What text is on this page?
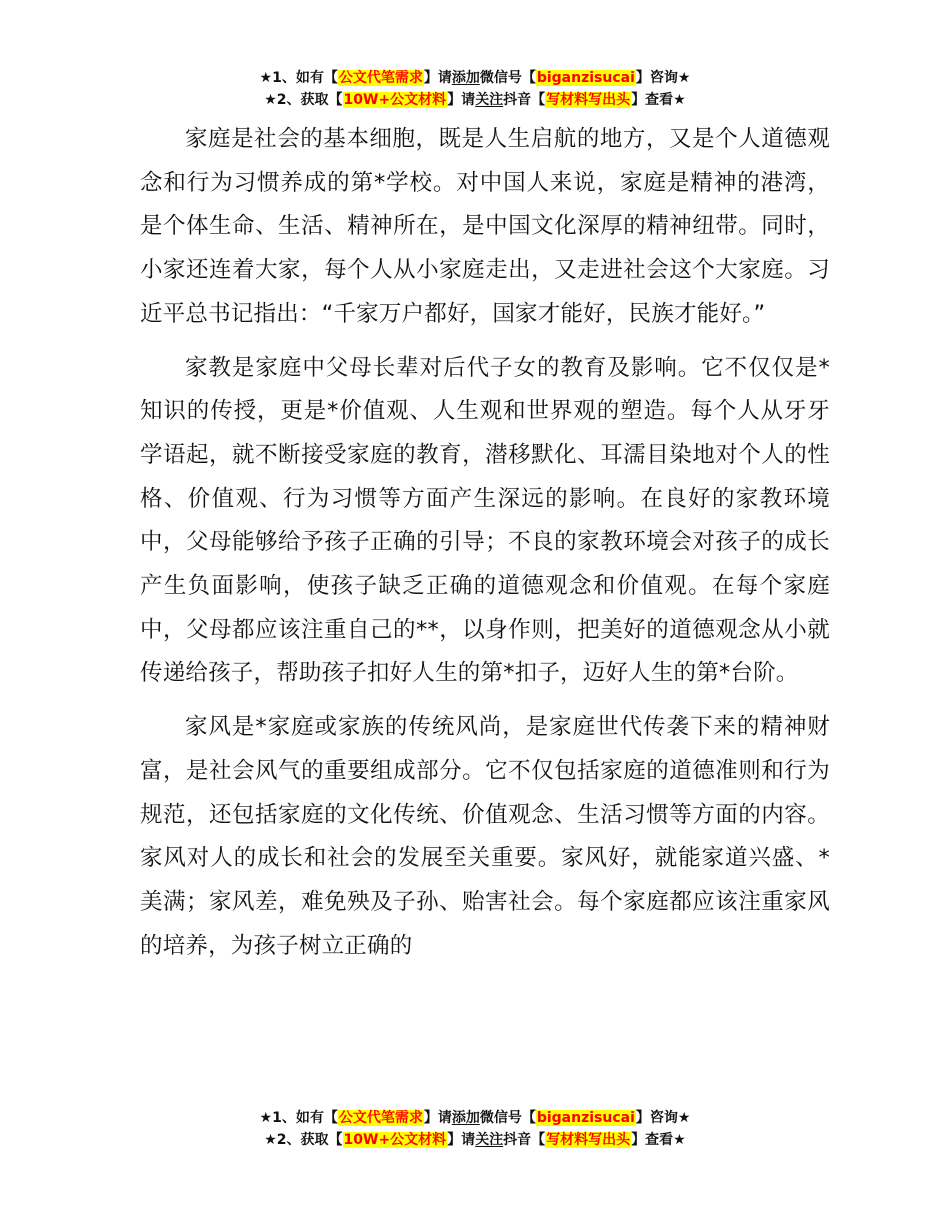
★1、如有【公文代笔需求】请添加微信号【biganzisucai】咨询★
★2、获取【10W+公文材料】请关注抖音【写材料写出头】查看★

家庭是社会的基本细胞，既是人生启航的地方，又是个人道德观念和行为习惯养成的第*学校。对中国人来说，家庭是精神的港湾，是个体生命、生活、精神所在，是中国文化深厚的精神纽带。同时，小家还连着大家，每个人从小家庭走出，又走进社会这个大家庭。习近平总书记指出：“千家万户都好，国家才能好，民族才能好。”

家教是家庭中父母长辈对后代子女的教育及影响。它不仅仅是*知识的传授，更是*价值观、人生观和世界观的塑造。每个人从牙牙学语起，就不断接受家庭的教育，潜移默化、耳濡目染地对个人的性格、价值观、行为习惯等方面产生深远的影响。在良好的家教环境中，父母能够给予孩子正确的引导；不良的家教环境会对孩子的成长产生负面影响，使孩子缺乏正确的道德观念和价值观。在每个家庭中，父母都应该注重自己的**，以身作则，把美好的道德观念从小就传递给孩子，帮助孩子扣好人生的第*扣子，迈好人生的第*台阶。

家风是*家庭或家族的传统风尚，是家庭世代传袭下来的精神财富，是社会风气的重要组成部分。它不仅包括家庭的道德准则和行为规范，还包括家庭的文化传统、价值观念、生活习惯等方面的内容。家风对人的成长和社会的发展至关重要。家风好，就能家道兴盛、*美满；家风差，难免殃及子孙、贻害社会。每个家庭都应该注重家风的培养，为孩子树立正确的

★1、如有【公文代笔需求】请添加微信号【biganzisucai】咨询★
★2、获取【10W+公文材料】请关注抖音【写材料写出头】查看★
